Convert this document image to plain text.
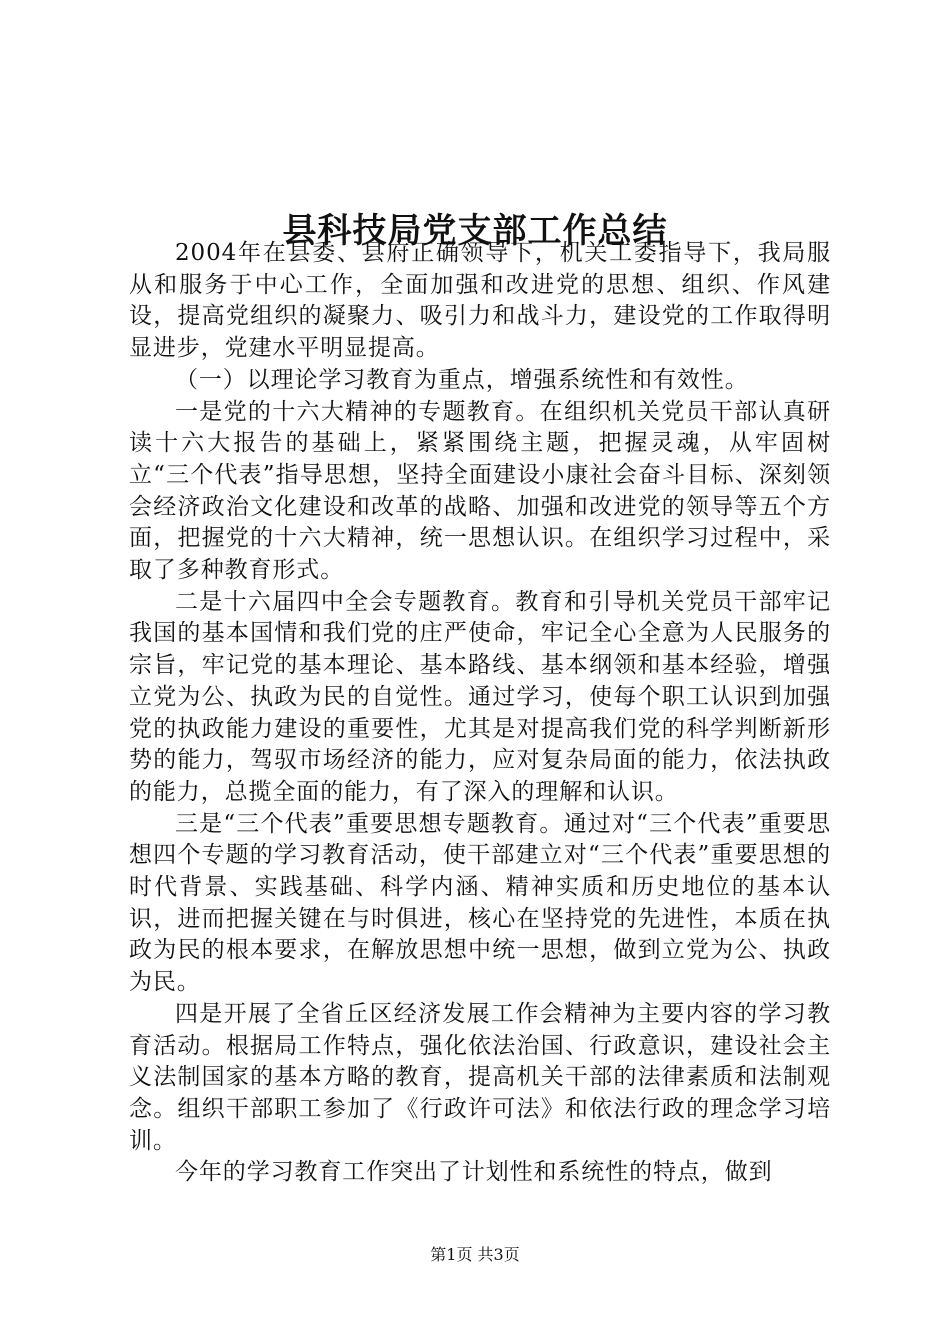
县科技局党支部工作总结

2004年在县委、县府正确领导下，机关工委指导下，我局服从和服务于中心工作，全面加强和改进党的思想、组织、作风建设，提高党组织的凝聚力、吸引力和战斗力，建设党的工作取得明显进步，党建水平明显提高。

（一）以理论学习教育为重点，增强系统性和有效性。

一是党的十六大精神的专题教育。在组织机关党员干部认真研读十六大报告的基础上，紧紧围绕主题，把握灵魂，从牢固树立“三个代表”指导思想，坚持全面建设小康社会奋斗目标、深刻领会经济政治文化建设和改革的战略、加强和改进党的领导等五个方面，把握党的十六大精神，统一思想认识。在组织学习过程中，采取了多种教育形式。

二是十六届四中全会专题教育。教育和引导机关党员干部牢记我国的基本国情和我们党的庄严使命，牢记全心全意为人民服务的宗旨，牢记党的基本理论、基本路线、基本纲领和基本经验，增强立党为公、执政为民的自觉性。通过学习，使每个职工认识到加强党的执政能力建设的重要性，尤其是对提高我们党的科学判断新形势的能力，驾驭市场经济的能力，应对复杂局面的能力，依法执政的能力，总揽全面的能力，有了深入的理解和认识。

三是“三个代表”重要思想专题教育。通过对“三个代表”重要思想四个专题的学习教育活动，使干部建立对“三个代表”重要思想的时代背景、实践基础、科学内涵、精神实质和历史地位的基本认识，进而把握关键在与时俱进，核心在坚持党的先进性，本质在执政为民的根本要求，在解放思想中统一思想，做到立党为公、执政为民。

四是开展了全省丘区经济发展工作会精神为主要内容的学习教育活动。根据局工作特点，强化依法治国、行政意识，建设社会主义法制国家的基本方略的教育，提高机关干部的法律素质和法制观念。组织干部职工参加了《行政许可法》和依法行政的理念学习培训。

今年的学习教育工作突出了计划性和系统性的特点，做到

第1页 共3页
